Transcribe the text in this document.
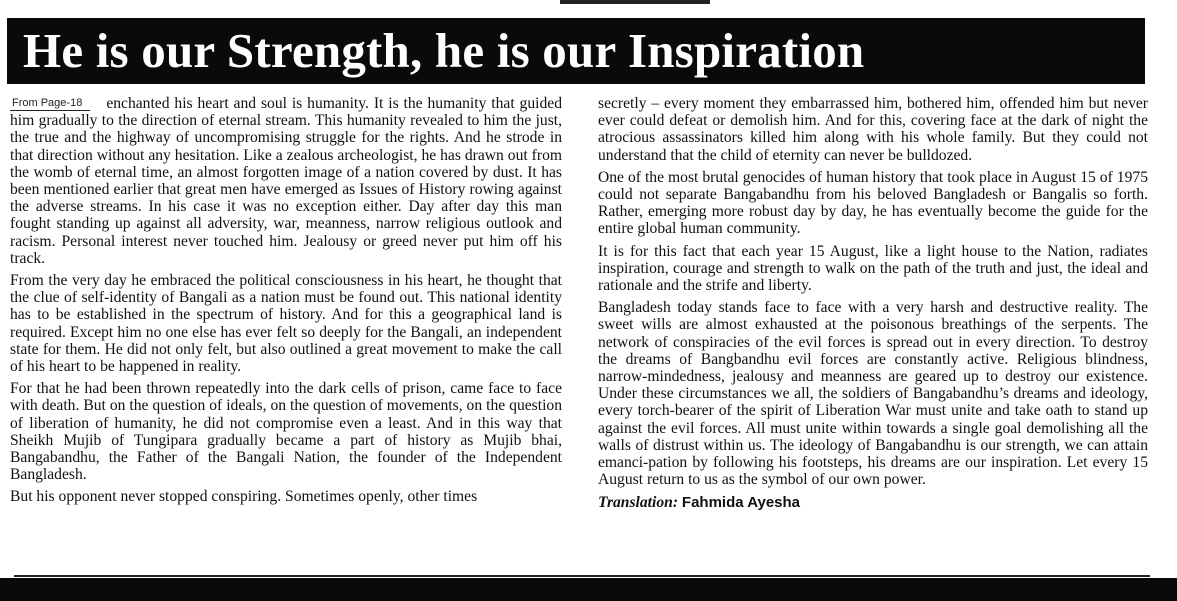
He is our Strength, he is our Inspiration

From Page-18 enchanted his heart and soul is humanity. It is the humanity that guided him gradually to the direction of eternal stream. This humanity revealed to him the just, the true and the highway of uncompromising struggle for the rights. And he strode in that direction without any hesitation. Like a zealous archeologist, he has drawn out from the womb of eternal time, an almost forgotten image of a nation covered by dust. It has been mentioned earlier that great men have emerged as Issues of History rowing against the adverse streams. In his case it was no exception either. Day after day this man fought standing up against all adversity, war, meanness, narrow religious outlook and racism. Personal interest never touched him. Jealousy or greed never put him off his track.

From the very day he embraced the political consciousness in his heart, he thought that the clue of self-identity of Bangali as a nation must be found out. This national identity has to be established in the spectrum of history. And for this a geographical land is required. Except him no one else has ever felt so deeply for the Bangali, an independent state for them. He did not only felt, but also outlined a great movement to make the call of his heart to be happened in reality.

For that he had been thrown repeatedly into the dark cells of prison, came face to face with death. But on the question of ideals, on the question of movements, on the question of liberation of humanity, he did not compromise even a least. And in this way that Sheikh Mujib of Tungipara gradually became a part of history as Mujib bhai, Bangabandhu, the Father of the Bangali Nation, the founder of the Independent Bangladesh.

But his opponent never stopped conspiring. Sometimes openly, other times

secretly – every moment they embarrassed him, bothered him, offended him but never ever could defeat or demolish him. And for this, covering face at the dark of night the atrocious assassinators killed him along with his whole family. But they could not understand that the child of eternity can never be bulldozed.

One of the most brutal genocides of human history that took place in August 15 of 1975 could not separate Bangabandhu from his beloved Bangladesh or Bangalis so forth. Rather, emerging more robust day by day, he has eventually become the guide for the entire global human community.

It is for this fact that each year 15 August, like a light house to the Nation, radiates inspiration, courage and strength to walk on the path of the truth and just, the ideal and rationale and the strife and liberty.

Bangladesh today stands face to face with a very harsh and destructive reality. The sweet wills are almost exhausted at the poisonous breathings of the serpents. The network of conspiracies of the evil forces is spread out in every direction. To destroy the dreams of Bangbandhu evil forces are constantly active. Religious blindness, narrow-mindedness, jealousy and meanness are geared up to destroy our existence. Under these circumstances we all, the soldiers of Bangabandhu’s dreams and ideology, every torch-bearer of the spirit of Liberation War must unite and take oath to stand up against the evil forces. All must unite within towards a single goal demolishing all the walls of distrust within us. The ideology of Bangabandhu is our strength, we can attain emanci-pation by following his footsteps, his dreams are our inspiration. Let every 15 August return to us as the symbol of our own power.

Translation: Fahmida Ayesha
